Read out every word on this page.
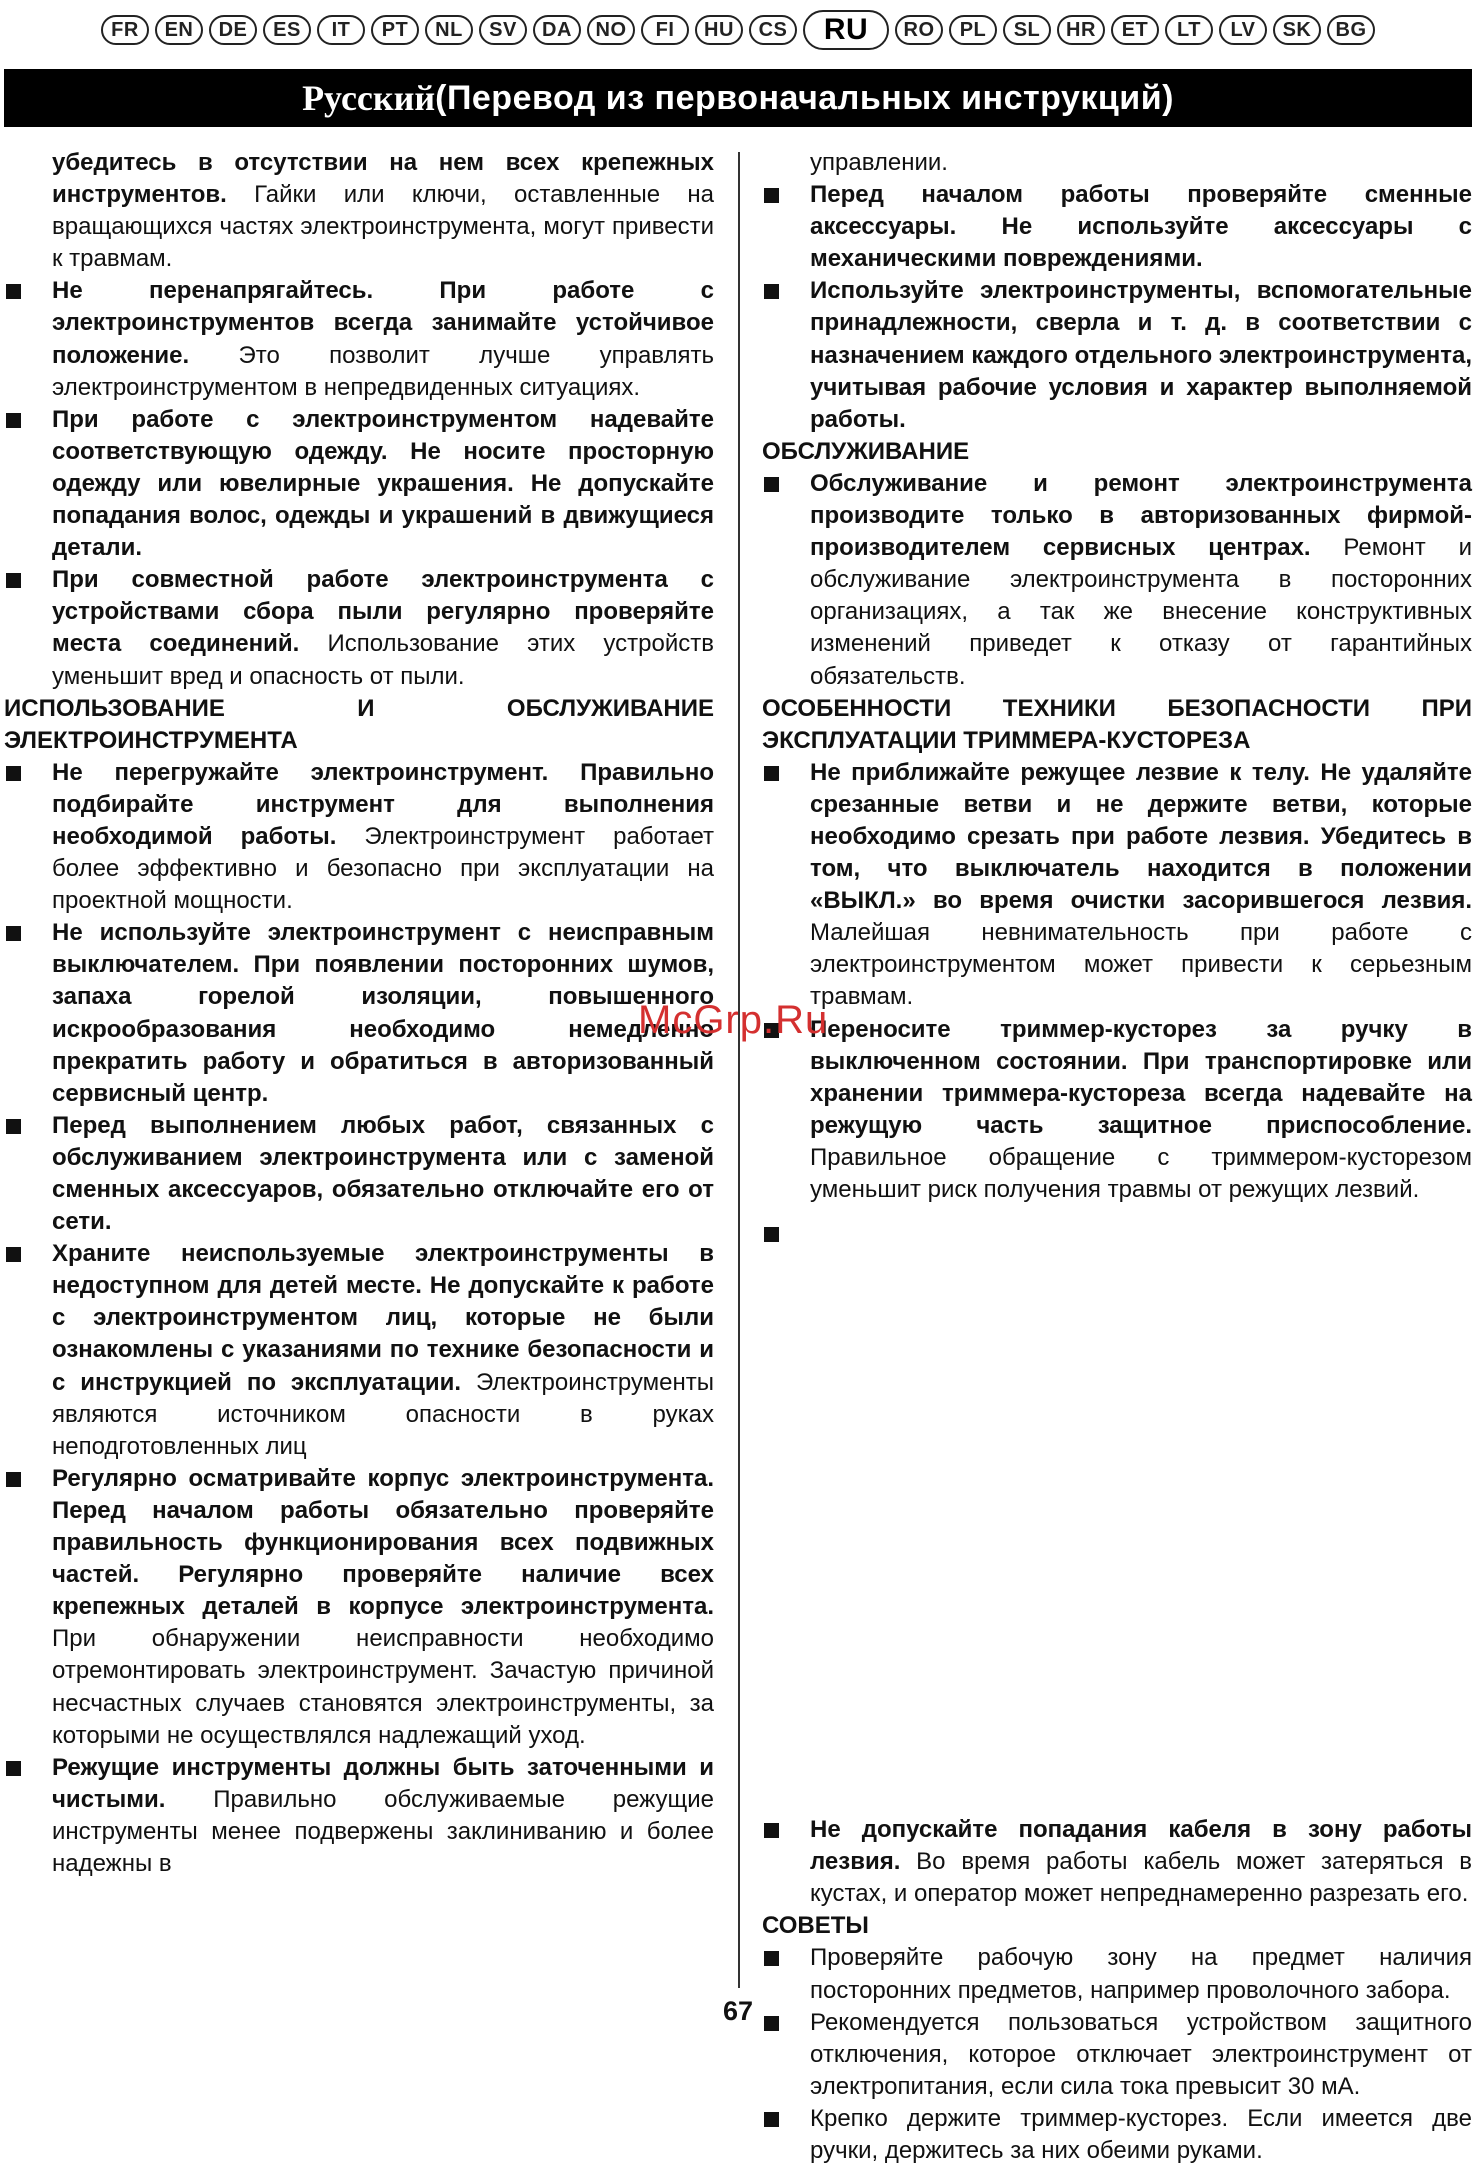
FR	EN	DE	ES	IT	PT	NL	SV	DA	NO	FI	HU	CS	RU	RO	PL	SL	HR	ET	LT	LV	SK	BG
Русский (Перевод из первоначальных инструкций)
убедитесь в отсутствии на нем всех крепежных инструментов. Гайки или ключи, оставленные на вращающихся частях электроинструмента, могут привести к травмам.
Не перенапрягайтесь. При работе с электроинструментов всегда занимайте устойчивое положение. Это позволит лучше управлять электроинструментом в непредвиденных ситуациях.
При работе с электроинструментом надевайте соответствующую одежду. Не носите просторную одежду или ювелирные украшения. Не допускайте попадания волос, одежды и украшений в движущиеся детали.
При совместной работе электроинструмента с устройствами сбора пыли регулярно проверяйте места соединений. Использование этих устройств уменьшит вред и опасность от пыли.
ИСПОЛЬЗОВАНИЕ И ОБСЛУЖИВАНИЕ ЭЛЕКТРОИНСТРУМЕНТА
Не перегружайте электроинструмент. Правильно подбирайте инструмент для выполнения необходимой работы. Электроинструмент работает более эффективно и безопасно при эксплуатации на проектной мощности.
Не используйте электроинструмент с неисправным выключателем. При появлении посторонних шумов, запаха горелой изоляции, повышенного искрообразования необходимо немедленно прекратить работу и обратиться в авторизованный сервисный центр.
Перед выполнением любых работ, связанных с обслуживанием электроинструмента или с заменой сменных аксессуаров, обязательно отключайте его от сети.
Храните неиспользуемые электроинструменты в недоступном для детей месте. Не допускайте к работе с электроинструментом лиц, которые не были ознакомлены с указаниями по технике безопасности и с инструкцией по эксплуатации. Электроинструменты являются источником опасности в руках неподготовленных лиц
Регулярно осматривайте корпус электроинструмента. Перед началом работы обязательно проверяйте правильность функционирования всех подвижных частей. Регулярно проверяйте наличие всех крепежных деталей в корпусе электроинструмента. При обнаружении неисправности необходимо отремонтировать электроинструмент. Зачастую причиной несчастных случаев становятся электроинструменты, за которыми не осуществлялся надлежащий уход.
Режущие инструменты должны быть заточенными и чистыми. Правильно обслуживаемые режущие инструменты менее подвержены заклиниванию и более надежны в
управлении.
Перед началом работы проверяйте сменные аксессуары. Не используйте аксессуары с механическими повреждениями.
Используйте электроинструменты, вспомогательные принадлежности, сверла и т. д. в соответствии с назначением каждого отдельного электроинструмента, учитывая рабочие условия и характер выполняемой работы.
ОБСЛУЖИВАНИЕ
Обслуживание и ремонт электроинструмента производите только в авторизованных фирмой-производителем сервисных центрах. Ремонт и обслуживание электроинструмента в посторонних организациях, а так же внесение конструктивных изменений приведет к отказу от гарантийных обязательств.
ОСОБЕННОСТИ ТЕХНИКИ БЕЗОПАСНОСТИ ПРИ ЭКСПЛУАТАЦИИ ТРИММЕРА-КУСТОРЕЗА
Не приближайте режущее лезвие к телу. Не удаляйте срезанные ветви и не держите ветви, которые необходимо срезать при работе лезвия. Убедитесь в том, что выключатель находится в положении «ВЫКЛ.» во время очистки засорившегося лезвия. Малейшая невнимательность при работе с электроинструментом может привести к серьезным травмам.
Переносите триммер-кусторез за ручку в выключенном состоянии. При транспортировке или хранении триммера-кустореза всегда надевайте на режущую часть защитное приспособление. Правильное обращение с триммером-кусторезом уменьшит риск получения травмы от режущих лезвий.
Не допускайте попадания кабеля в зону работы лезвия. Во время работы кабель может затеряться в кустах, и оператор может непреднамеренно разрезать его.
СОВЕТЫ
Проверяйте рабочую зону на предмет наличия посторонних предметов, например проволочного забора.
Рекомендуется пользоваться устройством защитного отключения, которое отключает электроинструмент от электропитания, если сила тока превысит 30 мА.
Крепко держите триммер-кусторез. Если имеется две ручки, держитесь за них обеими руками.
McGrp.Ru
67
